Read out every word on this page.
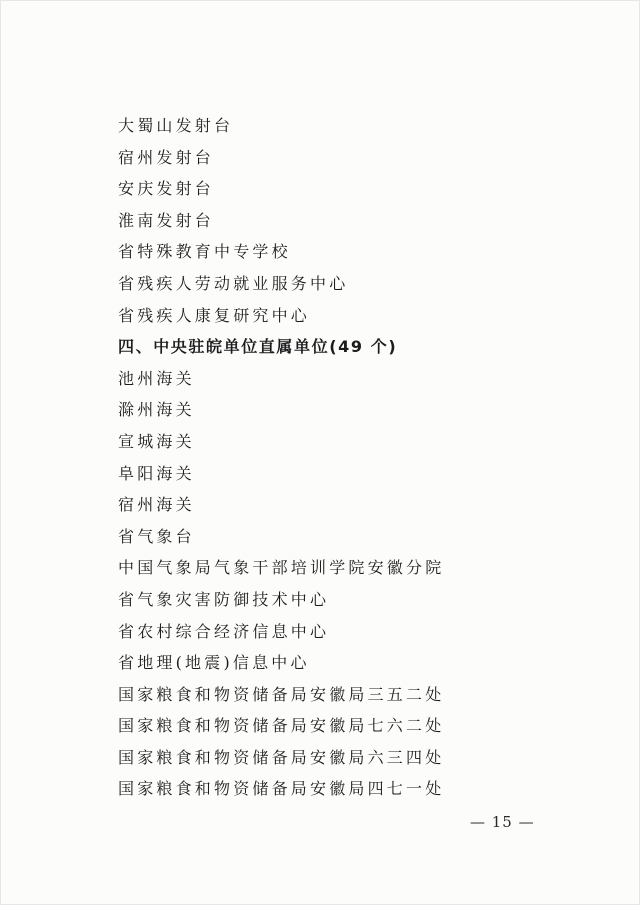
大蜀山发射台
宿州发射台
安庆发射台
淮南发射台
省特殊教育中专学校
省残疾人劳动就业服务中心
省残疾人康复研究中心
四、中央驻皖单位直属单位(49 个)
池州海关
滁州海关
宣城海关
阜阳海关
宿州海关
省气象台
中国气象局气象干部培训学院安徽分院
省气象灾害防御技术中心
省农村综合经济信息中心
省地理(地震)信息中心
国家粮食和物资储备局安徽局三五二处
国家粮食和物资储备局安徽局七六二处
国家粮食和物资储备局安徽局六三四处
国家粮食和物资储备局安徽局四七一处
— 15 —
